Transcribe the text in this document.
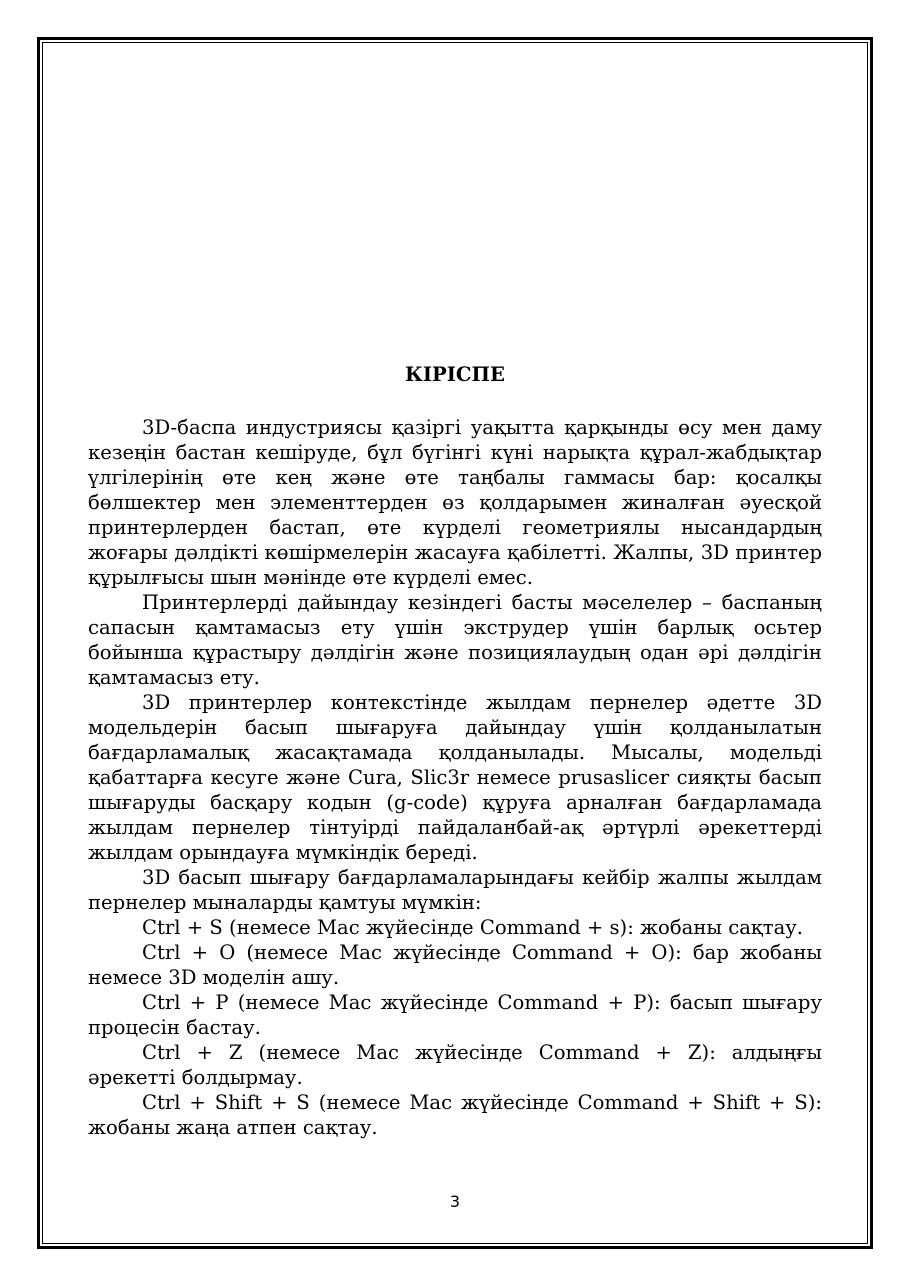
КІРІСПЕ

3D-баспа индустриясы қазіргі уақытта қарқынды өсу мен даму кезеңін бастан кешіруде, бұл бүгінгі күні нарықта құрал-жабдықтар үлгілерінің өте кең және өте таңбалы гаммасы бар: қосалқы бөлшектер мен элементтерден өз қолдарымен жиналған әуесқой принтерлерден бастап, өте күрделі геометриялы нысандардың жоғары дәлдікті көшірмелерін жасауға қабілетті. Жалпы, 3D принтер құрылғысы шын мәнінде өте күрделі емес.

Принтерлерді дайындау кезіндегі басты мәселелер – баспаның сапасын қамтамасыз ету үшін экструдер үшін барлық осьтер бойынша құрастыру дәлдігін және позициялаудың одан әрі дәлдігін қамтамасыз ету.

3D принтерлер контекстінде жылдам пернелер әдетте 3D модельдерін басып шығаруға дайындау үшін қолданылатын бағдарламалық жасақтамада қолданылады. Мысалы, модельді қабаттарға кесуге және Cura, Slic3r немесе prusaslicer сияқты басып шығаруды басқару кодын (g-code) құруға арналған бағдарламада жылдам пернелер тінтуірді пайдаланбай-ақ әртүрлі әрекеттерді жылдам орындауға мүмкіндік береді.

3D басып шығару бағдарламаларындағы кейбір жалпы жылдам пернелер мыналарды қамтуы мүмкін:

Ctrl + S (немесе Mac жүйесінде Command + s): жобаны сақтау.

Ctrl + O (немесе Mac жүйесінде Command + O): бар жобаны немесе 3D моделін ашу.

Ctrl + P (немесе Mac жүйесінде Command + P): басып шығару процесін бастау.

Ctrl + Z (немесе Mac жүйесінде Command + Z): алдыңғы әрекетті болдырмау.

Ctrl + Shift + S (немесе Mac жүйесінде Command + Shift + S): жобаны жаңа атпен сақтау.

3
